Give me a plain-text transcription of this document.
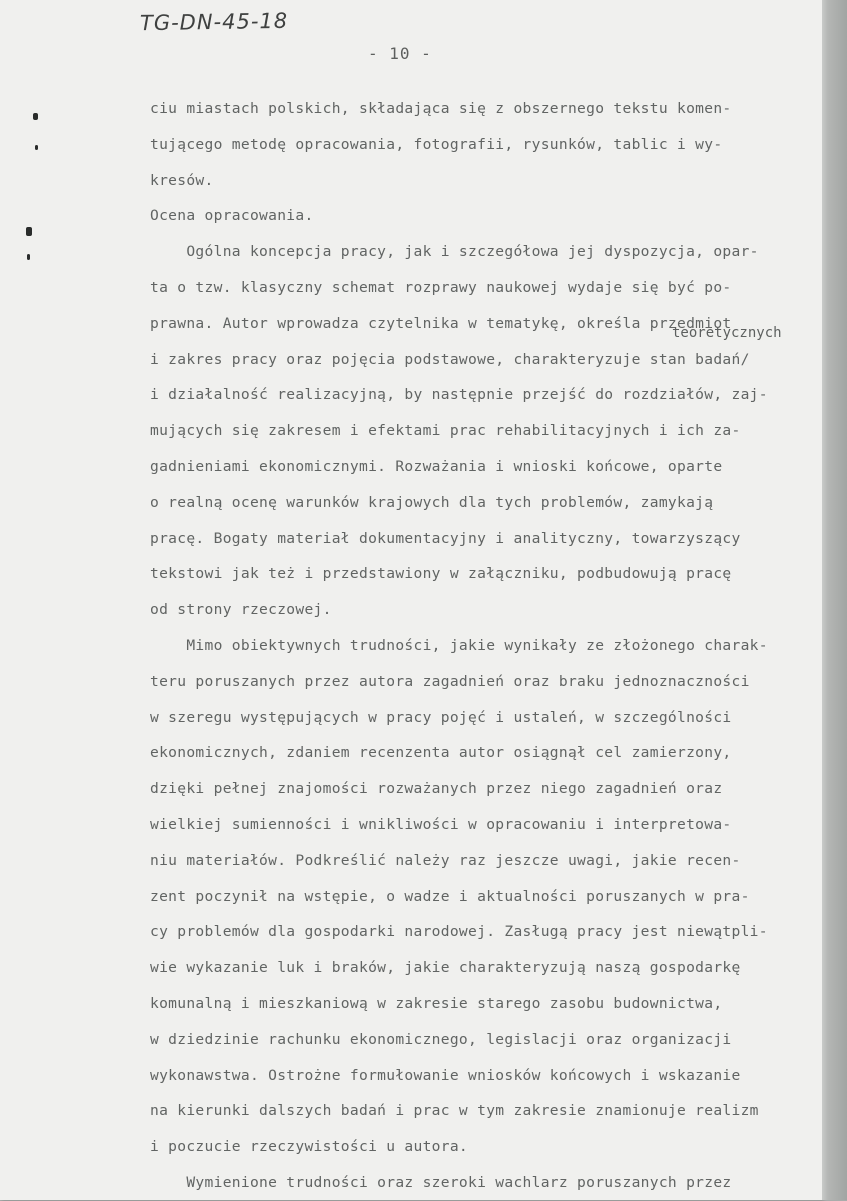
TG-DN-45-18
- 10 -
teoretycznych
ciu miastach polskich, składająca się z obszernego tekstu komen-
tującego metodę opracowania, fotografii, rysunków, tablic i wy-
kresów.
Ocena opracowania.
Ogólna koncepcja pracy, jak i szczegółowa jej dyspozycja, opar-
ta o tzw. klasyczny schemat rozprawy naukowej wydaje się być po-
prawna. Autor wprowadza czytelnika w tematykę, określa przedmiot
i zakres pracy oraz pojęcia podstawowe, charakteryzuje stan badań/
i działalność realizacyjną, by następnie przejść do rozdziałów, zaj-
mujących się zakresem i efektami prac rehabilitacyjnych i ich za-
gadnieniami ekonomicznymi. Rozważania i wnioski końcowe, oparte
o realną ocenę warunków krajowych dla tych problemów, zamykają
pracę. Bogaty materiał dokumentacyjny i analityczny, towarzyszący
tekstowi jak też i przedstawiony w załączniku, podbudowują pracę
od strony rzeczowej.
Mimo obiektywnych trudności, jakie wynikały ze złożonego charak-
teru poruszanych przez autora zagadnień oraz braku jednoznaczności
w szeregu występujących w pracy pojęć i ustaleń, w szczególności
ekonomicznych, zdaniem recenzenta autor osiągnął cel zamierzony,
dzięki pełnej znajomości rozważanych przez niego zagadnień oraz
wielkiej sumienności i wnikliwości w opracowaniu i interpretowa-
niu materiałów. Podkreślić należy raz jeszcze uwagi, jakie recen-
zent poczynił na wstępie, o wadze i aktualności poruszanych w pra-
cy problemów dla gospodarki narodowej. Zasługą pracy jest niewątpli-
wie wykazanie luk i braków, jakie charakteryzują naszą gospodarkę
komunalną i mieszkaniową w zakresie starego zasobu budownictwa,
w dziedzinie rachunku ekonomicznego, legislacji oraz organizacji
wykonawstwa. Ostrożne formułowanie wniosków końcowych i wskazanie
na kierunki dalszych badań i prac w tym zakresie znamionuje realizm
i poczucie rzeczywistości u autora.
Wymienione trudności oraz szeroki wachlarz poruszanych przez
